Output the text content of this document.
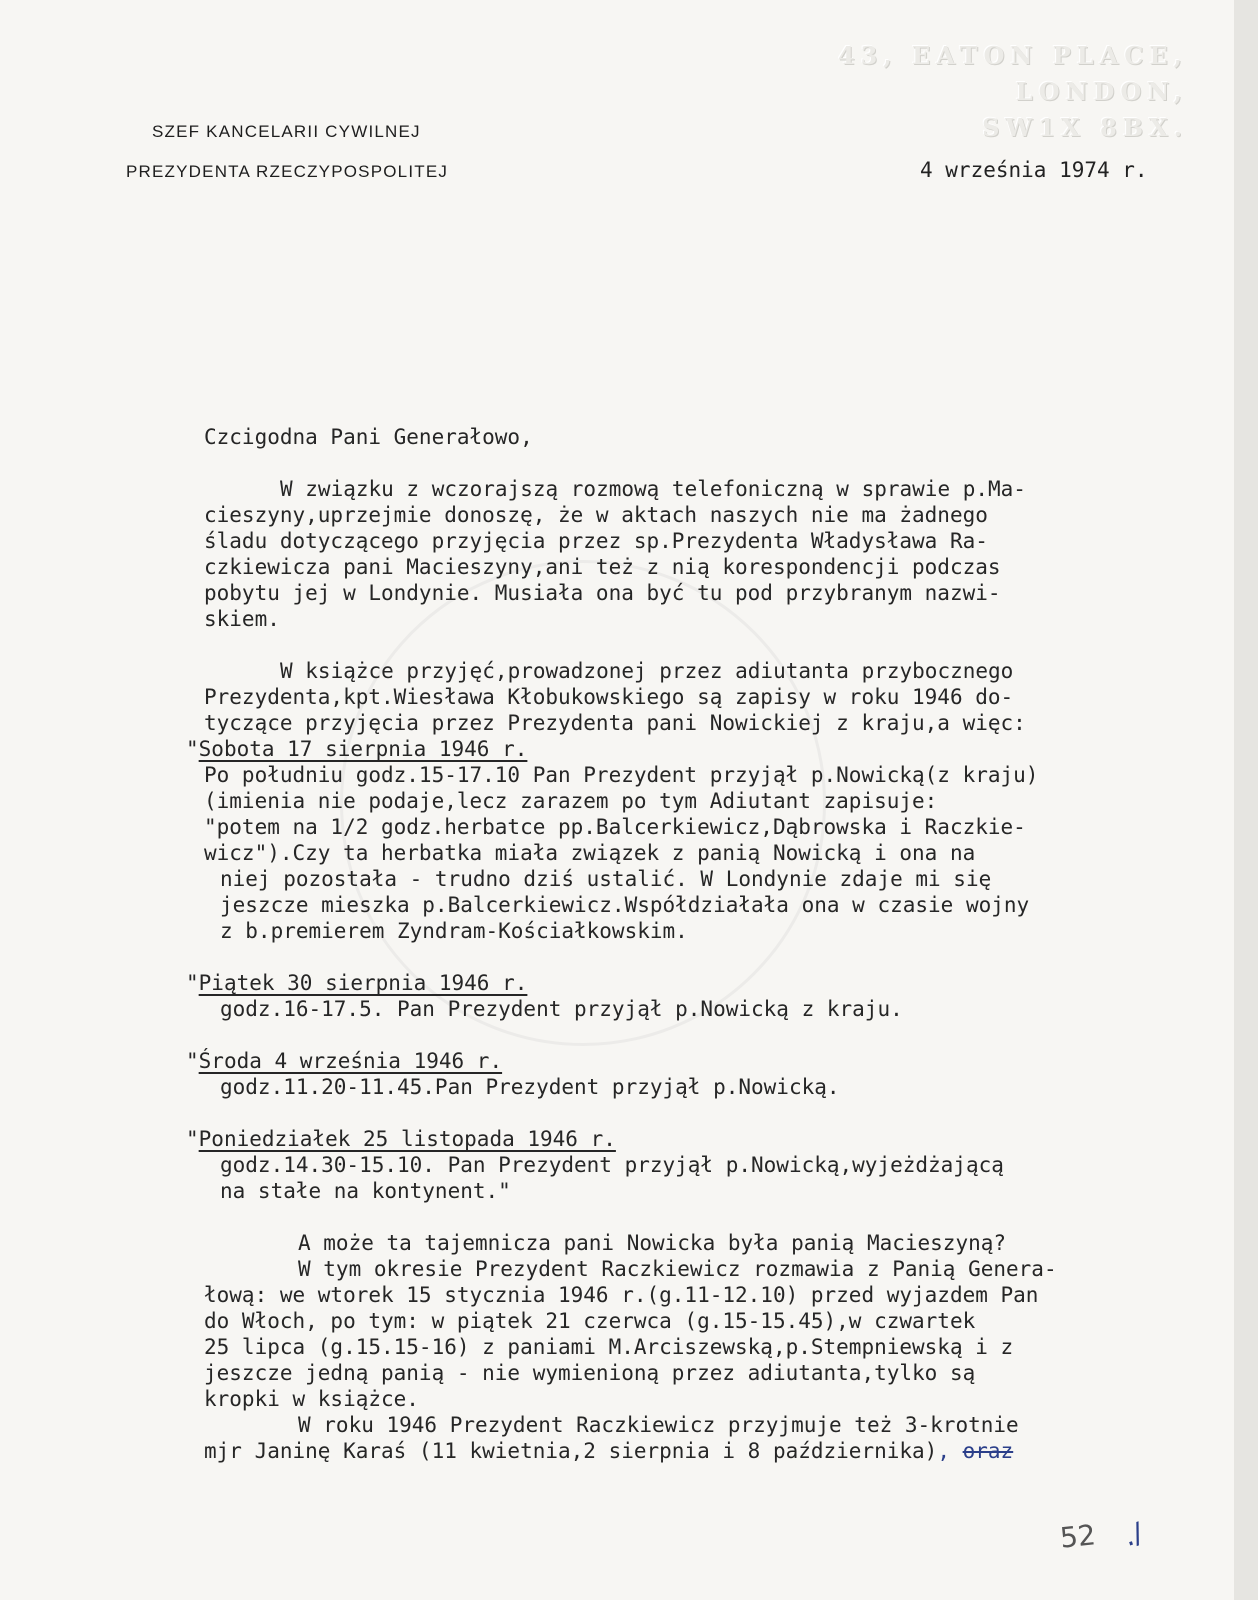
43, EATON PLACE,
LONDON,
SW1X 8BX.
SZEF KANCELARII CYWILNEJ
PREZYDENTA RZECZYPOSPOLITEJ	4 września 1974 r.
Czcigodna Pani Generałowo,
W związku z wczorajszą rozmową telefoniczną w sprawie p.Ma-
cieszyny,uprzejmie donoszę, że w aktach naszych nie ma żadnego
śladu dotyczącego przyjęcia przez sp.Prezydenta Władysława Ra-
czkiewicza pani Macieszyny,ani też z nią korespondencji podczas
pobytu jej w Londynie. Musiała ona być tu pod przybranym nazwi-
skiem.
W książce przyjęć,prowadzonej przez adiutanta przybocznego
Prezydenta,kpt.Wiesława Kłobukowskiego są zapisy w roku 1946 do-
tyczące przyjęcia przez Prezydenta pani Nowickiej z kraju,a więc:
"Sobota 17 sierpnia 1946 r.
Po południu godz.15-17.10 Pan Prezydent przyjął p.Nowicką(z kraju)
(imienia nie podaje,lecz zarazem po tym Adiutant zapisuje:
"potem na 1/2 godz.herbatce pp.Balcerkiewicz,Dąbrowska i Raczkie-
wicz").Czy ta herbatka miała związek z panią Nowicką i ona na
niej pozostała - trudno dziś ustalić. W Londynie zdaje mi się
jeszcze mieszka p.Balcerkiewicz.Współdziałała ona w czasie wojny
z b.premierem Zyndram-Kościałkowskim.
"Piątek 30 sierpnia 1946 r.
godz.16-17.5. Pan Prezydent przyjął p.Nowicką z kraju.
"Środa 4 września 1946 r.
godz.11.20-11.45.Pan Prezydent przyjął p.Nowicką.
"Poniedziałek 25 listopada 1946 r.
godz.14.30-15.10. Pan Prezydent przyjął p.Nowicką,wyjeżdżającą
na stałe na kontynent."
A może ta tajemnicza pani Nowicka była panią Macieszyną?
W tym okresie Prezydent Raczkiewicz rozmawia z Panią Genera-
łową: we wtorek 15 stycznia 1946 r.(g.11-12.10) przed wyjazdem Pan
do Włoch, po tym: w piątek 21 czerwca (g.15-15.45),w czwartek
25 lipca (g.15.15-16) z paniami M.Arciszewską,p.Stempniewską i z
jeszcze jedną panią - nie wymienioną przez adiutanta,tylko są
kropki w książce.
W roku 1946 Prezydent Raczkiewicz przyjmuje też 3-krotnie
mjr Janinę Karaś (11 kwietnia,2 sierpnia i 8 października), oraz
52 ./
